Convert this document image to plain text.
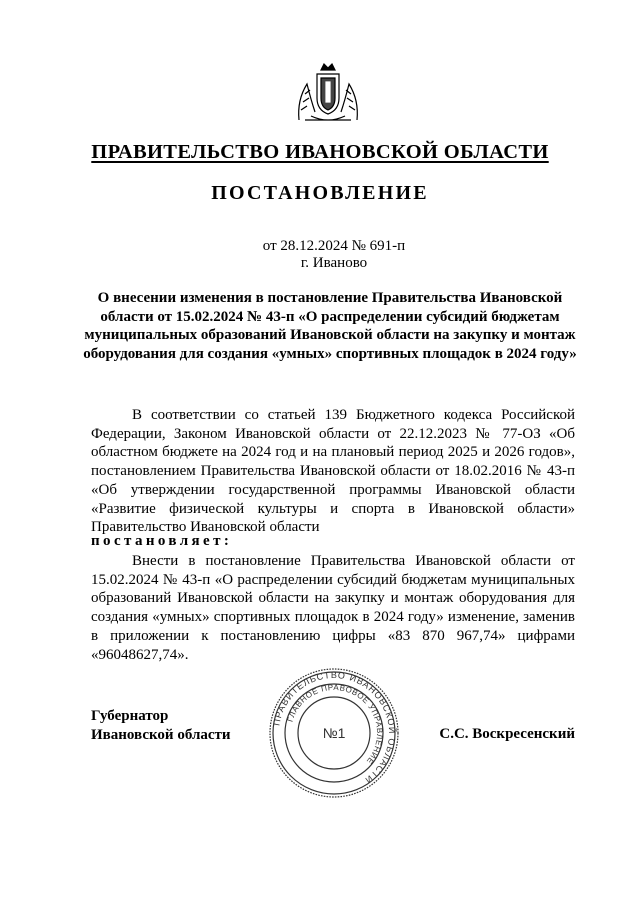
ПРАВИТЕЛЬСТВО ИВАНОВСКОЙ ОБЛАСТИ
ПОСТАНОВЛЕНИЕ
от 28.12.2024 № 691-п
г. Иваново
О внесении изменения в постановление Правительства Ивановской области от 15.02.2024 № 43-п «О распределении субсидий бюджетам муниципальных образований Ивановской области на закупку и монтаж оборудования для создания «умных» спортивных площадок в 2024 году»
В соответствии со статьей 139 Бюджетного кодекса Российской Федерации, Законом Ивановской области от 22.12.2023 № 77-ОЗ «Об областном бюджете на 2024 год и на плановый период 2025 и 2026 годов», постановлением Правительства Ивановской области от 18.02.2016 № 43-п «Об утверждении государственной программы Ивановской области «Развитие физической культуры и спорта в Ивановской области» Правительство Ивановской области
постановляет:
Внести в постановление Правительства Ивановской области от 15.02.2024 № 43-п «О распределении субсидий бюджетам муниципальных образований Ивановской области на закупку и монтаж оборудования для создания «умных» спортивных площадок в 2024 году» изменение, заменив в приложении к постановлению цифры «83 870 967,74» цифрами «96048627,74».
Губернатор
Ивановской области
ПРАВИТЕЛЬСТВО ИВАНОВСКОЙ ОБЛАСТИ
ГЛАВНОЕ ПРАВОВОЕ УПРАВЛЕНИЕ
№1	С.С. Воскресенский
